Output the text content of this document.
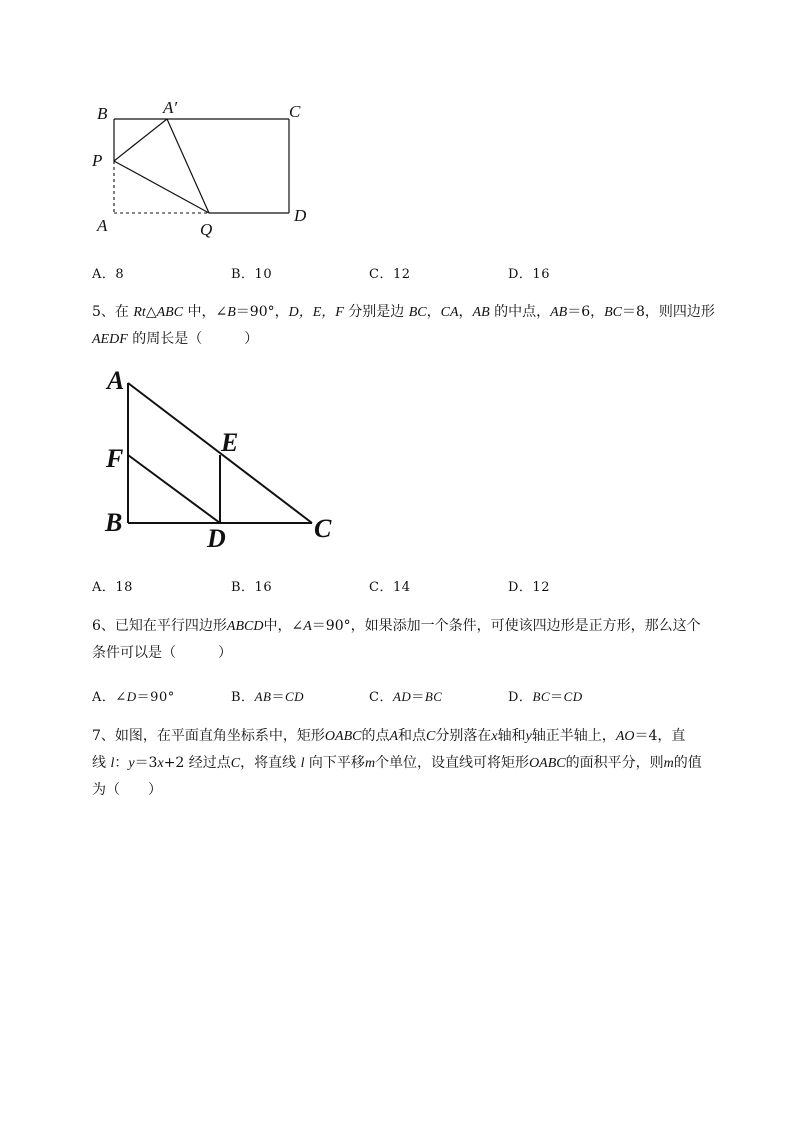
B	A′	C
P
A	Q
D
A．8	B．10	C．12	D．16
5、在 Rt△ABC 中，∠B＝90°，D，E，F 分别是边 BC，CA，AB 的中点，AB＝6，BC＝8，则四边形
AEDF 的周长是（　　　）
A
E
F
B
D	C
A．18	B．16	C．14	D．12
6、已知在平行四边形ABCD中，∠A＝90°，如果添加一个条件，可使该四边形是正方形，那么这个
条件可以是（　　　）
A．∠D＝90°	B．AB＝CD	C．AD＝BC	D．BC＝CD
7、如图，在平面直角坐标系中，矩形OABC的点A和点C分别落在x轴和y轴正半轴上，AO＝4，直
线 l：y＝3x+2 经过点C，将直线 l 向下平移m个单位，设直线可将矩形OABC的面积平分，则m的值
为（　　）
